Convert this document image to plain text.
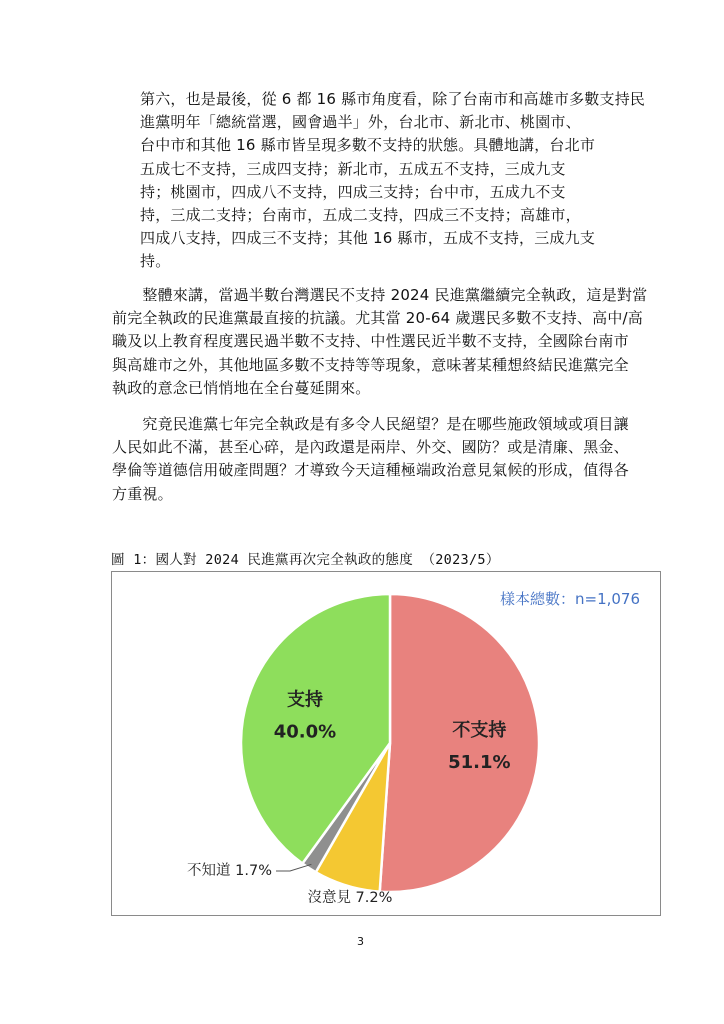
第六，也是最後，從 6 都 16 縣市角度看，除了台南市和高雄市多數支持民
進黨明年「總統當選，國會過半」外，台北市、新北市、桃園市、
台中市和其他 16 縣市皆呈現多數不支持的狀態。具體地講，台北市
五成七不支持，三成四支持；新北市，五成五不支持，三成九支
持；桃園市，四成八不支持，四成三支持；台中市，五成九不支
持，三成二支持；台南市，五成二支持，四成三不支持；高雄市，
四成八支持，四成三不支持；其他 16 縣市，五成不支持，三成九支
持。
　　整體來講，當過半數台灣選民不支持 2024 民進黨繼續完全執政，這是對當
前完全執政的民進黨最直接的抗議。尤其當 20-64 歲選民多數不支持、高中/高
職及以上教育程度選民過半數不支持、中性選民近半數不支持，全國除台南市
與高雄市之外，其他地區多數不支持等等現象，意味著某種想終結民進黨完全
執政的意念已悄悄地在全台蔓延開來。
　　究竟民進黨七年完全執政是有多令人民絕望？是在哪些施政領域或項目讓
人民如此不滿，甚至心碎，是內政還是兩岸、外交、國防？或是清廉、黑金、
學倫等道德信用破產問題？才導致今天這種極端政治意見氣候的形成，值得各
方重視。
圖 1：國人對 2024 民進黨再次完全執政的態度 （2023/5）
不支持
51.1%
沒意見 7.2%
不知道 1.7%
支持
40.0%
樣本總數：n=1,076
3
